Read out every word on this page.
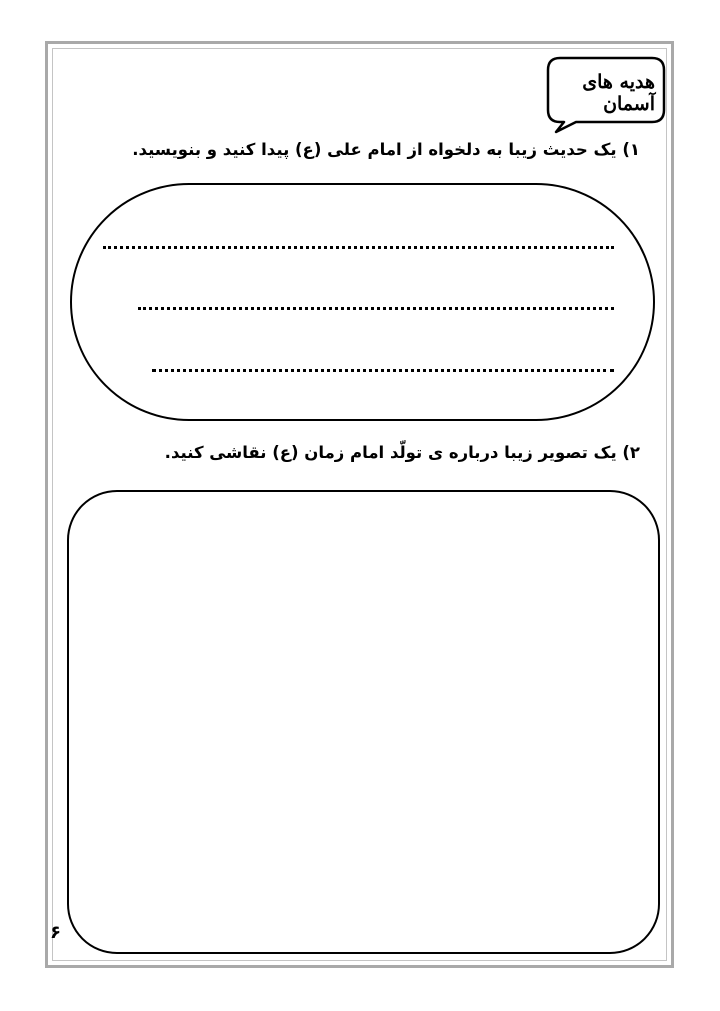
هدیه های آسمان
۱) یک حدیث زیبا به دلخواه از امام علی (ع) پیدا کنید و بنویسید.
۲) یک تصویر زیبا درباره ی تولّد امام زمان (ع) نقاشی کنید.
۶
